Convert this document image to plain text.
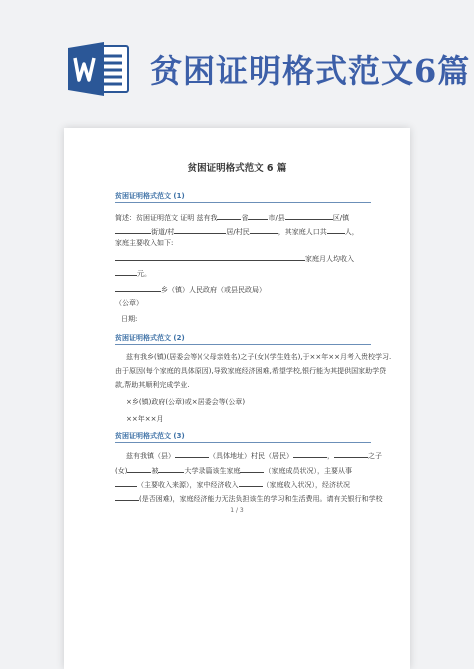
贫困证明格式范文6篇
贫困证明格式范文 6 篇
贫困证明格式范文 (1)
简述：贫困证明范文 证明 兹有我	省	市/县	区/镇
街道/村	居/村民	，其家庭人口共	人，
家庭主要收入如下:
家庭月人均收入
元。
乡（镇）人民政府（或县民政局）
（公章）
日期:
贫困证明格式范文 (2)
兹有我乡(镇)(居委会等)(父母亲姓名)之子(女)(学生姓名),于××年××月考入贵校学习.
由于原因(每个家庭的具体原因),导致家庭经济困难,希望学校,银行能为其提供国家助学贷
款,帮助其顺利完成学业.
×乡(镇)政府(公章)或×居委会等(公章)
××年××月
贫困证明格式范文 (3)
兹有我镇（县）	（具体地址）村民（居民）	，	之子
(女)	被	大学录篇该生家庭	（家庭成员状况），主要从事
（主要收入来源），家中经济收入	（家庭收入状况），经济状况
(是否困难)，家庭经济能力无法负担该生的学习和生活费用。请有关银行和学校
1 / 3
